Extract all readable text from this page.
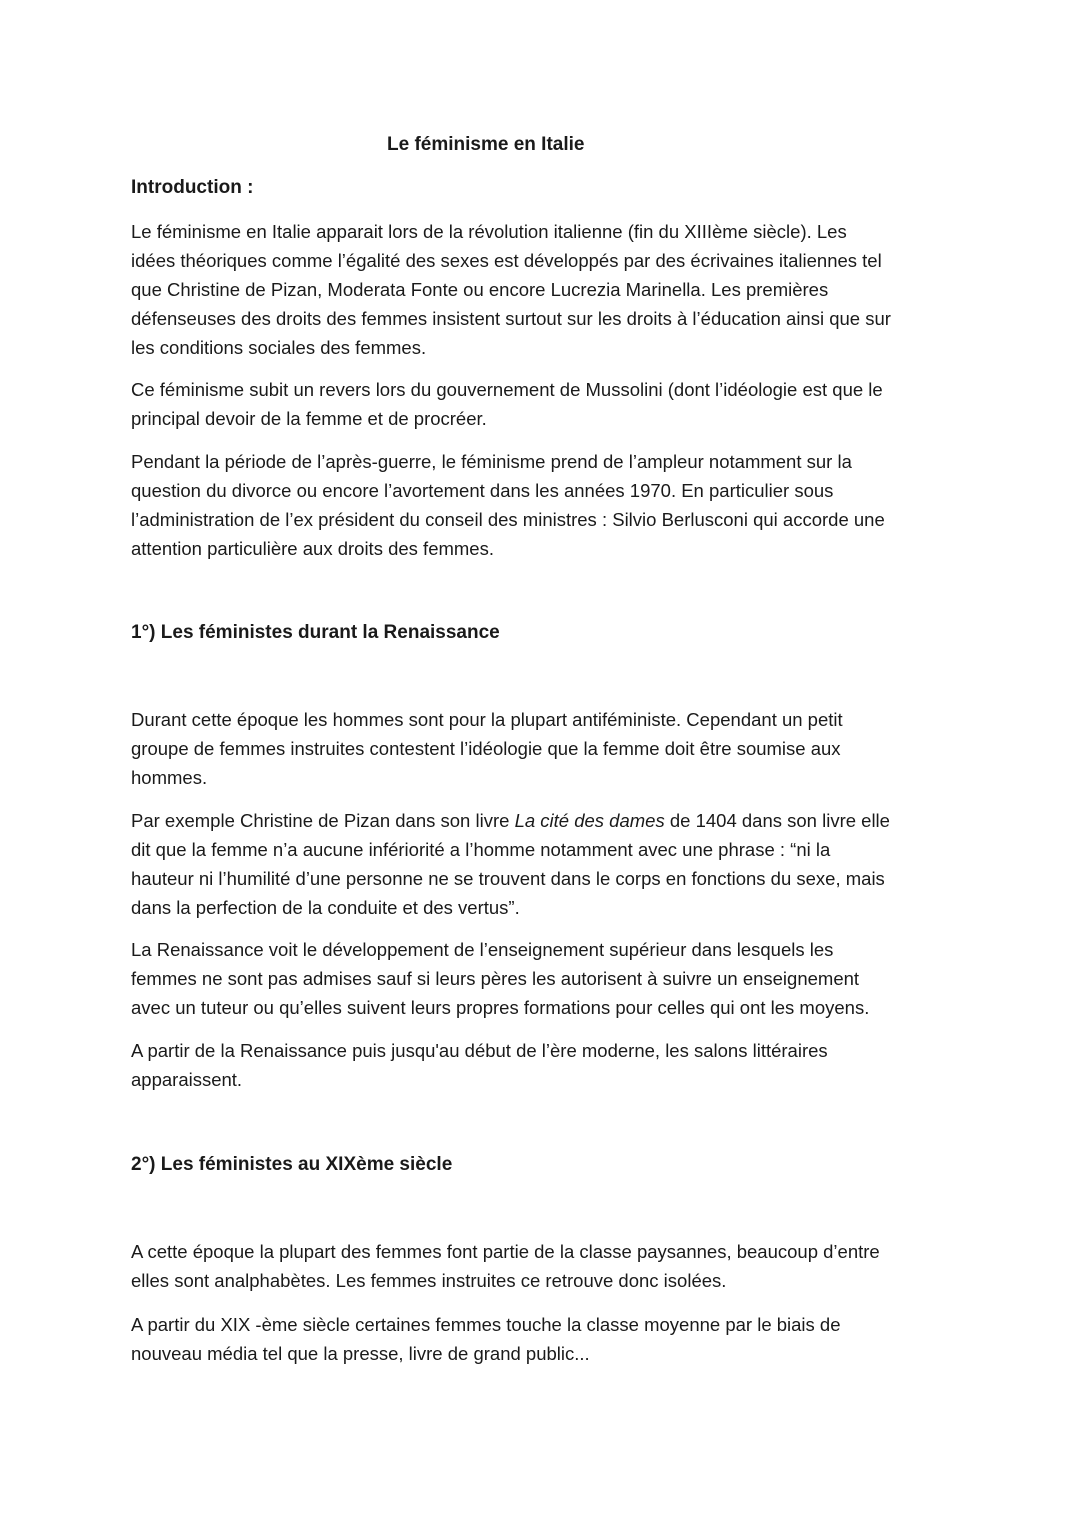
Le féminisme en Italie
Introduction :

Le féminisme en Italie apparait lors de la révolution italienne (fin du XIIIème siècle). Les
idées théoriques comme l’égalité des sexes est développés par des écrivaines italiennes tel
que Christine de Pizan, Moderata Fonte ou encore Lucrezia Marinella. Les premières
défenseuses des droits des femmes insistent surtout sur les droits à l’éducation ainsi que sur
les conditions sociales des femmes.

Ce féminisme subit un revers lors du gouvernement de Mussolini (dont l’idéologie est que le
principal devoir de la femme et de procréer.

Pendant la période de l’après-guerre, le féminisme prend de l’ampleur notamment sur la
question du divorce ou encore l’avortement dans les années 1970. En particulier sous
l’administration de l’ex président du conseil des ministres : Silvio Berlusconi qui accorde une
attention particulière aux droits des femmes.

1°) Les féministes durant la Renaissance

Durant cette époque les hommes sont pour la plupart antiféministe. Cependant un petit
groupe de femmes instruites contestent l’idéologie que la femme doit être soumise aux
hommes.

Par exemple Christine de Pizan dans son livre La cité des dames de 1404 dans son livre elle
dit que la femme n’a aucune infériorité a l’homme notamment avec une phrase : “ni la
hauteur ni l’humilité d’une personne ne se trouvent dans le corps en fonctions du sexe, mais
dans la perfection de la conduite et des vertus”.

La Renaissance voit le développement de l’enseignement supérieur dans lesquels les
femmes ne sont pas admises sauf si leurs pères les autorisent à suivre un enseignement
avec un tuteur ou qu’elles suivent leurs propres formations pour celles qui ont les moyens.

A partir de la Renaissance puis jusqu'au début de l’ère moderne, les salons littéraires
apparaissent.

2°) Les féministes au XIXème siècle

A cette époque la plupart des femmes font partie de la classe paysannes, beaucoup d’entre
elles sont analphabètes. Les femmes instruites ce retrouve donc isolées.

A partir du XIX -ème siècle certaines femmes touche la classe moyenne par le biais de
nouveau média tel que la presse, livre de grand public...
